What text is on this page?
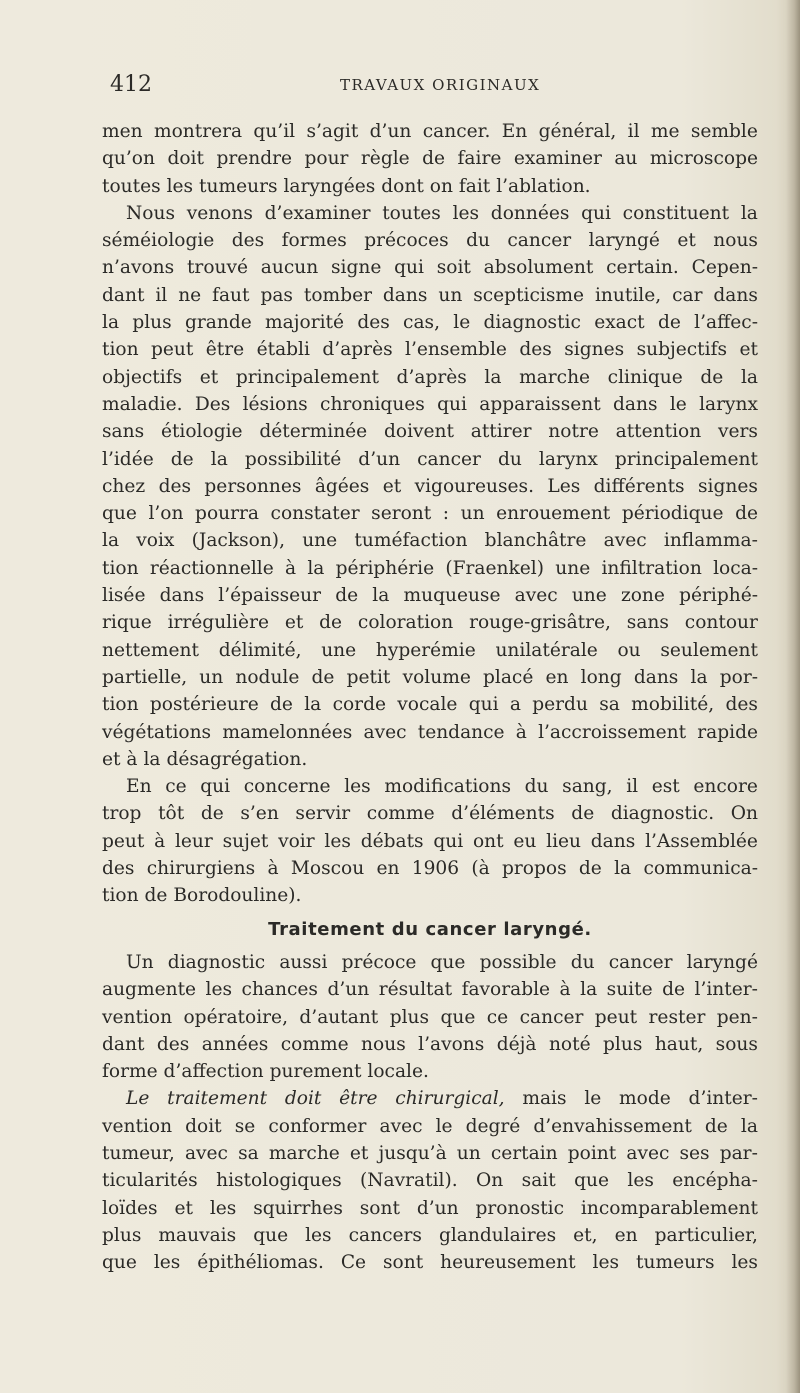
412	TRAVAUX ORIGINAUX
men montrera qu’il s’agit d’un cancer. En général, il me semble
qu’on doit prendre pour règle de faire examiner au microscope
toutes les tumeurs laryngées dont on fait l’ablation.
Nous venons d’examiner toutes les données qui constituent la
séméiologie des formes précoces du cancer laryngé et nous
n’avons trouvé aucun signe qui soit absolument certain. Cepen-
dant il ne faut pas tomber dans un scepticisme inutile, car dans
la plus grande majorité des cas, le diagnostic exact de l’affec-
tion peut être établi d’après l’ensemble des signes subjectifs et
objectifs et principalement d’après la marche clinique de la
maladie. Des lésions chroniques qui apparaissent dans le larynx
sans étiologie déterminée doivent attirer notre attention vers
l’idée de la possibilité d’un cancer du larynx principalement
chez des personnes âgées et vigoureuses. Les différents signes
que l’on pourra constater seront : un enrouement périodique de
la voix (Jackson), une tuméfaction blanchâtre avec inflamma-
tion réactionnelle à la périphérie (Fraenkel) une infiltration loca-
lisée dans l’épaisseur de la muqueuse avec une zone périphé-
rique irrégulière et de coloration rouge-grisâtre, sans contour
nettement délimité, une hyperémie unilatérale ou seulement
partielle, un nodule de petit volume placé en long dans la por-
tion postérieure de la corde vocale qui a perdu sa mobilité, des
végétations mamelonnées avec tendance à l’accroissement rapide
et à la désagrégation.
En ce qui concerne les modifications du sang, il est encore
trop tôt de s’en servir comme d’éléments de diagnostic. On
peut à leur sujet voir les débats qui ont eu lieu dans l’Assemblée
des chirurgiens à Moscou en 1906 (à propos de la communica-
tion de Borodouline).
Traitement du cancer laryngé.
Un diagnostic aussi précoce que possible du cancer laryngé
augmente les chances d’un résultat favorable à la suite de l’inter-
vention opératoire, d’autant plus que ce cancer peut rester pen-
dant des années comme nous l’avons déjà noté plus haut, sous
forme d’affection purement locale.
Le traitement doit être chirurgical, mais le mode d’inter-
vention doit se conformer avec le degré d’envahissement de la
tumeur, avec sa marche et jusqu’à un certain point avec ses par-
ticularités histologiques (Navratil). On sait que les encépha-
loïdes et les squirrhes sont d’un pronostic incomparablement
plus mauvais que les cancers glandulaires et, en particulier,
que les épithéliomas. Ce sont heureusement les tumeurs les
